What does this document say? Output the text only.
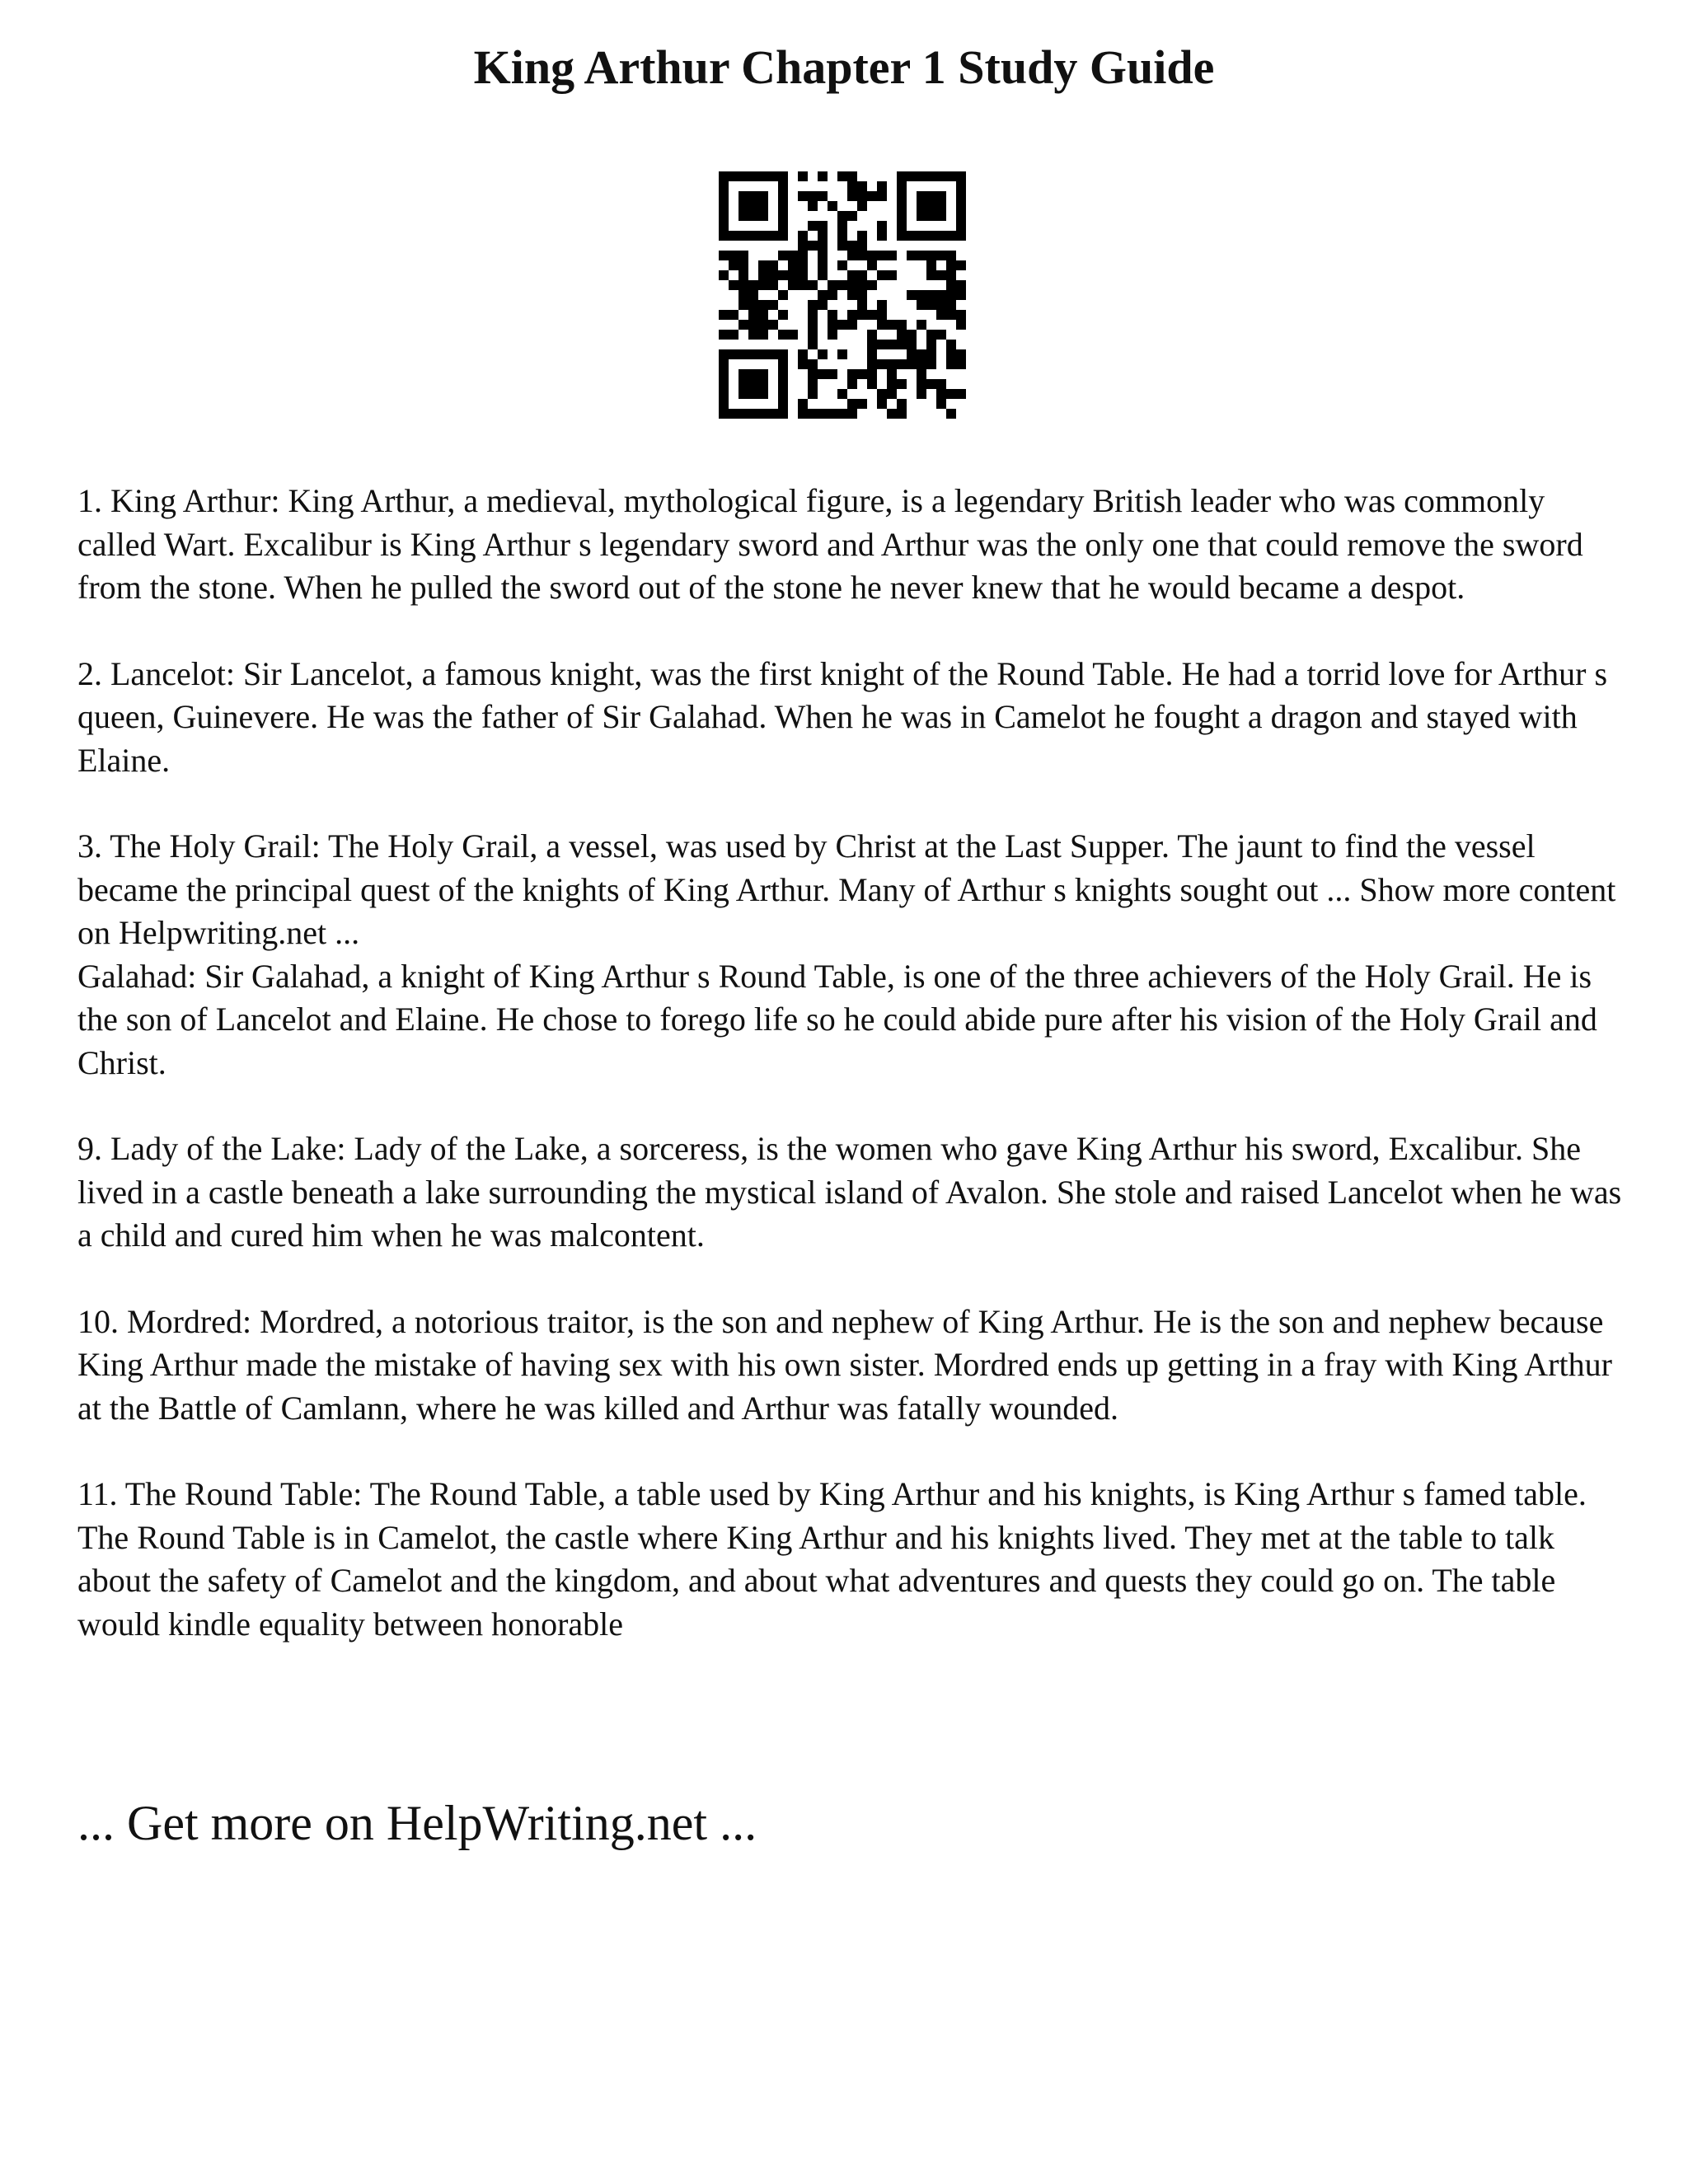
King Arthur Chapter 1 Study Guide

1. King Arthur: King Arthur, a medieval, mythological figure, is a legendary British leader who was commonly called Wart. Excalibur is King Arthur s legendary sword and Arthur was the only one that could remove the sword from the stone. When he pulled the sword out of the stone he never knew that he would became a despot.

2. Lancelot: Sir Lancelot, a famous knight, was the first knight of the Round Table. He had a torrid love for Arthur s queen, Guinevere. He was the father of Sir Galahad. When he was in Camelot he fought a dragon and stayed with Elaine.

3. The Holy Grail: The Holy Grail, a vessel, was used by Christ at the Last Supper. The jaunt to find the vessel became the principal quest of the knights of King Arthur. Many of Arthur s knights sought out ... Show more content on Helpwriting.net ...

Galahad: Sir Galahad, a knight of King Arthur s Round Table, is one of the three achievers of the Holy Grail. He is the son of Lancelot and Elaine. He chose to forego life so he could abide pure after his vision of the Holy Grail and Christ.

9. Lady of the Lake: Lady of the Lake, a sorceress, is the women who gave King Arthur his sword, Excalibur. She lived in a castle beneath a lake surrounding the mystical island of Avalon. She stole and raised Lancelot when he was a child and cured him when he was malcontent.

10. Mordred: Mordred, a notorious traitor, is the son and nephew of King Arthur. He is the son and nephew because King Arthur made the mistake of having sex with his own sister. Mordred ends up getting in a fray with King Arthur at the Battle of Camlann, where he was killed and Arthur was fatally wounded.

11. The Round Table: The Round Table, a table used by King Arthur and his knights, is King Arthur s famed table. The Round Table is in Camelot, the castle where King Arthur and his knights lived. They met at the table to talk about the safety of Camelot and the kingdom, and about what adventures and quests they could go on. The table would kindle equality between honorable

... Get more on HelpWriting.net ...
